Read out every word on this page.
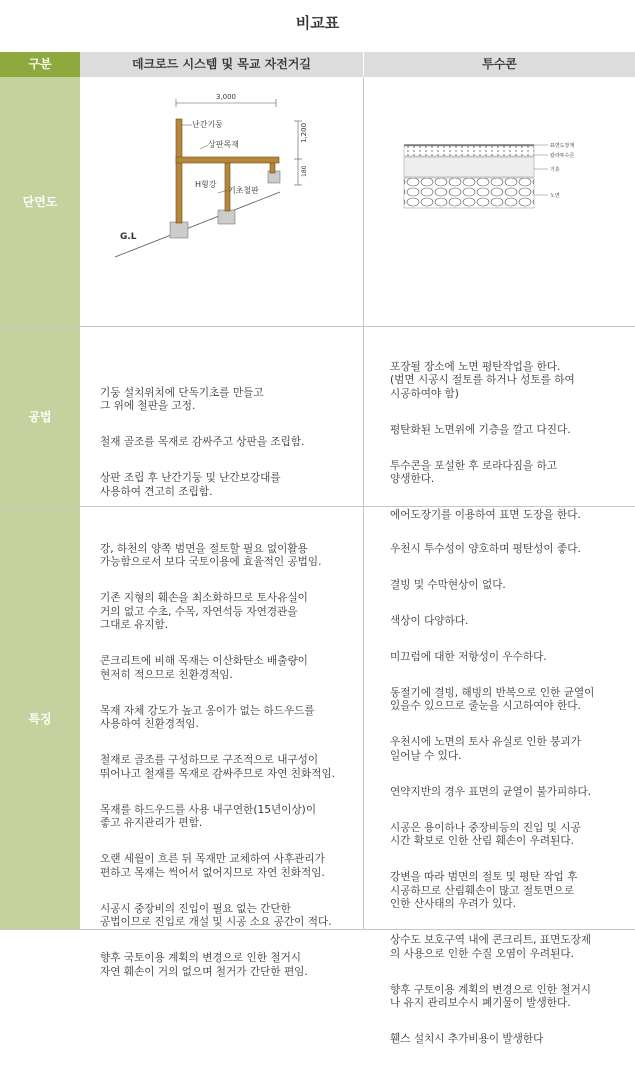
비교표
구분	데크로드 시스템 및 목교 자전거길	투수콘
단면도
3,000
1,200
180
난간기둥
상판목재
H형강
기초철판
G.L
표면도장재
칼라투수콘
기층
노면
공법

기둥 설치위치에 단독기초를 만들고
그 위에 철판을 고정.

철재 골조를 목재로 감싸주고 상판을 조립함.

상판 조립 후 난간기둥 및 난간보강대를
사용하여 견고히 조립함.

포장될 장소에 노면 평탄작업을 한다.
(범면 시공시 절토를 하거나 성토를 하여
시공하여야 함)

평탄화된 노면위에 기층을 깔고 다진다.

투수콘을 포설한 후 로라다짐을 하고
양생한다.

에어도장기를 이용하여 표면 도장을 한다.

특징

강, 하천의 양쪽 범면을 절토할 필요 없이활용
가능함으로서 보다 국토이용에 효율적인 공법임.

기존 지형의 훼손을 최소화하므로 토사유실이
거의 없고 수초, 수목, 자연석등 자연경관을
그대로 유지함.

콘크리트에 비해 목재는 이산화탄소 배출량이
현저히 적으므로 친환경적임.

목재 자체 강도가 높고 옹이가 없는 하드우드를
사용하여 친환경적임.

철재로 골조를 구성하므로 구조적으로 내구성이
뛰어나고 철재를 목재로 감싸주므로 자연 친화적임.

목재를 하드우드를 사용 내구연한(15년이상)이
좋고 유지관리가 편함.

오랜 세월이 흐른 뒤 목재만 교체하여 사후관리가
편하고 목재는 썩어서 없어지므로 자연 친화적임.

시공시 중장비의 진입이 필요 없는 간단한
공법이므로 진입로 개설 및 시공 소요 공간이 적다.

향후 국토이용 계획의 변경으로 인한 철거시
자연 훼손이 거의 없으며 철거가 간단한 편임.

우천시 투수성이 양호하며 평탄성이 좋다.

결빙 및 수막현상이 없다.

색상이 다양하다.

미끄럼에 대한 저항성이 우수하다.

동절기에 결빙, 해빙의 반복으로 인한 균열이
있을수 있으므로 줄눈을 시고하여야 한다.

우천시에 노면의 토사 유실로 인한 붕괴가
일어날 수 있다.

연약지반의 경우 표면의 균열이 불가피하다.

시공은 용이하나 중장비등의 진입 및 시공
시간 확보로 인한 산림 훼손이 우려된다.

강변을 따라 범면의 절토 및 평탄 작업 후
시공하므로 산림훼손이 많고 절토면으로
인한 산사태의 우려가 있다.

상수도 보호구역 내에 콘크리트, 표면도장제
의 사용으로 인한 수질 오염이 우려된다.

향후 구토이용 계획의 변경으로 인한 철거시
나 유지 관리보수시 폐기물이 발생한다.

휀스 설치시 추가비용이 발생한다
